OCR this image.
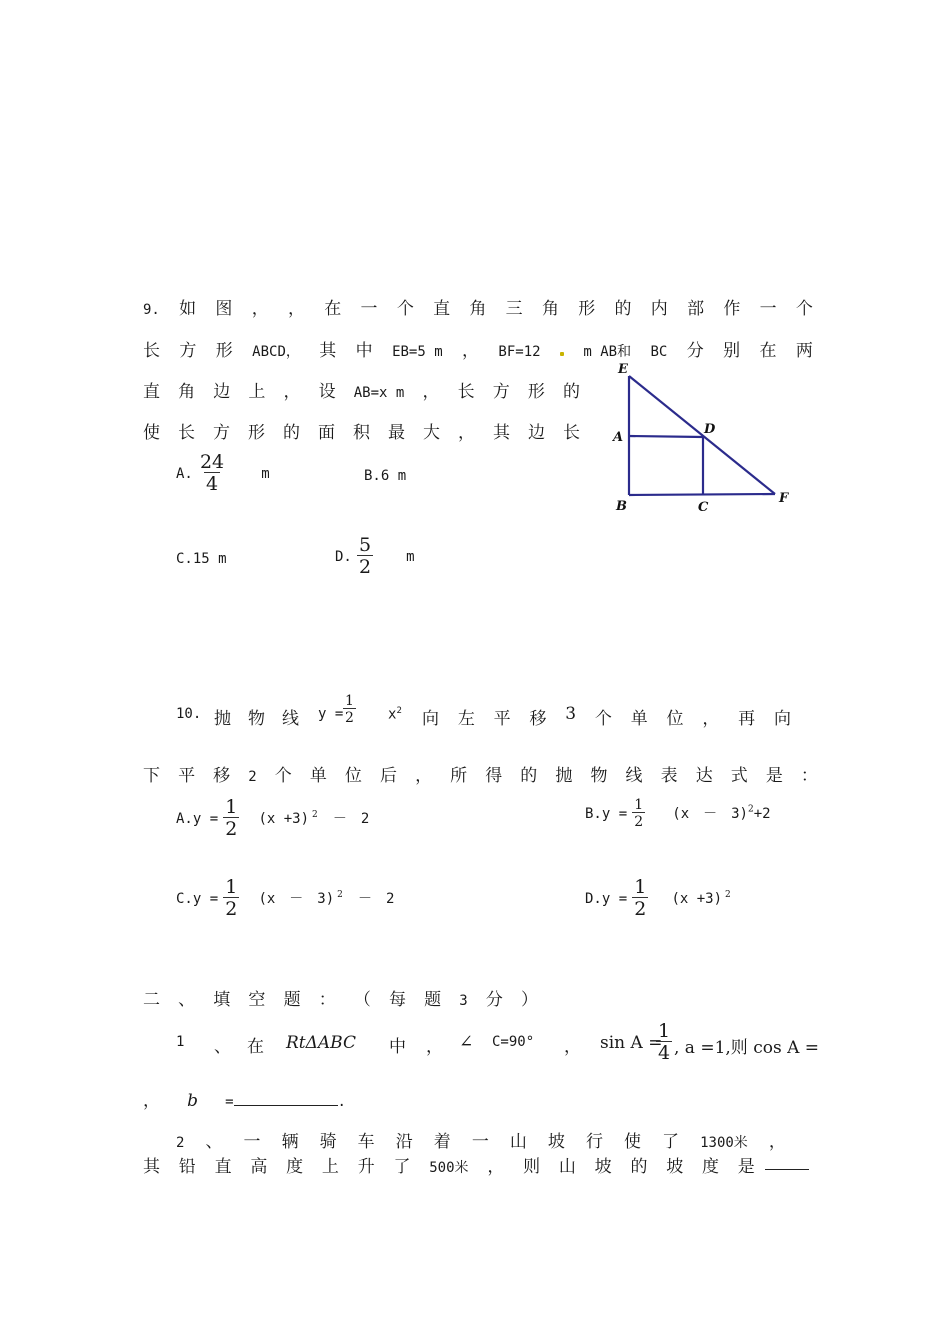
9. 如 图 ， ， 在 一 个 直 角 三 角 形 的 内 部 作 一 个
长 方 形 ABCD， 其 中 EB=5 m ， BF=12	m AB和 BC 分 别 在 两
直 角 边 上 ， 设 AB=x m ， 长 方 形 的
使 长 方 形 的 面 积 最 大 ， 其 边 长
A. $\frac{24}{4}$	m	B.6 m
C.15 m	D. $\frac{5}{2}$ m
E
A
D
B	C
F
10. 抛 物 线 $y = \frac{1}{2} x^2$ 向 左 平 移 3 个 单 位 ， 再 向
下 平 移 2 个 单 位 后 ， 所 得 的 抛 物 线 表 达 式 是 ：
$A.y = \frac{1}{2} (x +3) ^2$ －　2	$B.y = \frac{1}{2} (x$　－　3)$^2$+2
$C.y = \frac{1}{2} (x$　－　3) $^2$ －　2	$D.y = \frac{1}{2} (x +3)$ $^2$
二 、 填 空 题 ： （ 每 题 3 分 ）
1 、 在 RtΔABC 中 ， ∠ C=90° ， sin A =
$\frac{1}{4}$ , a =1,则 cos A =
， b =	.
2 、 一 辆 骑 车 沿 着 一 山 坡 行 使 了 1300米 ，
其 铅 直 高 度 上 升 了 500米 ， 则 山 坡 的 坡 度 是
